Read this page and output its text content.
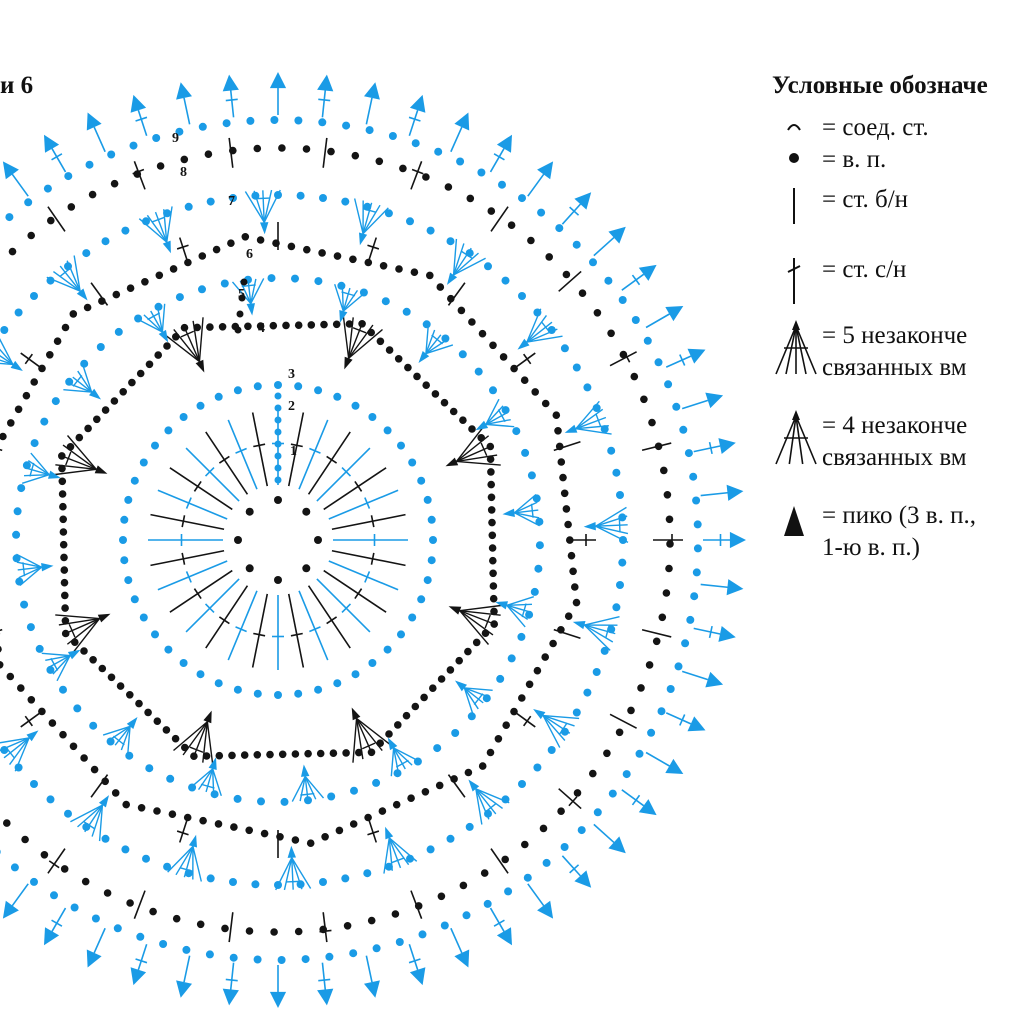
1
2
3
4
5
6
7
8
9
и 6	Условные обозначе
= соед. ст.
= в. п.
= ст. б/н
= ст. с/н
= 5 незаконче
связанных вм
= 4 незаконче
связанных вм
= пико (3 в. п.,
1-ю в. п.)
